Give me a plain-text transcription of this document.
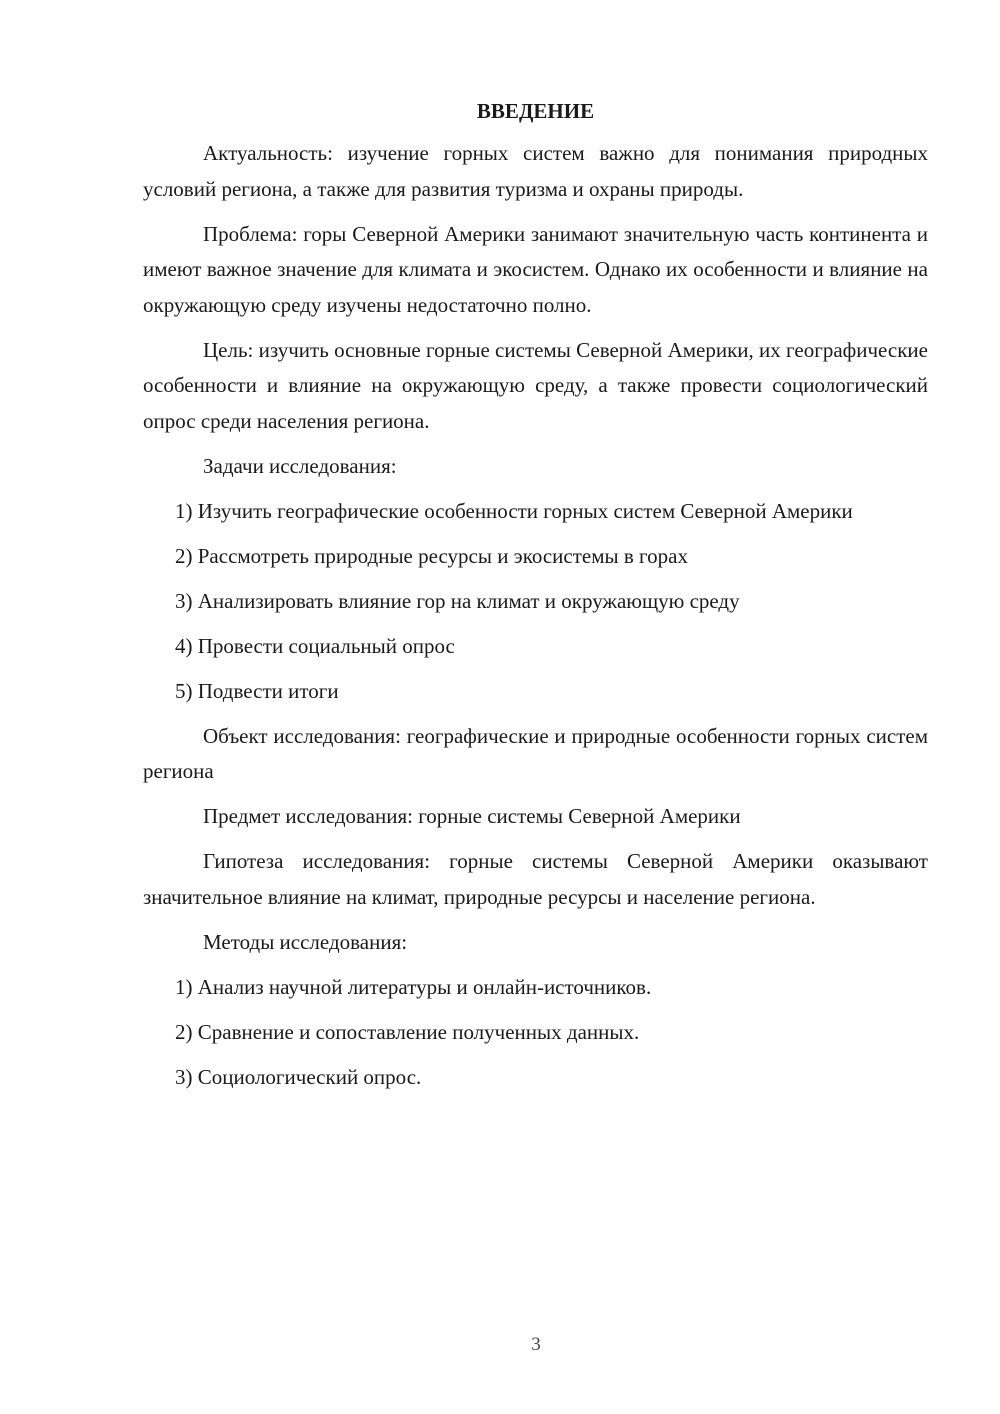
ВВЕДЕНИЕ

Актуальность: изучение горных систем важно для понимания природных условий региона, а также для развития туризма и охраны природы.

Проблема: горы Северной Америки занимают значительную часть континента и имеют важное значение для климата и экосистем. Однако их особенности и влияние на окружающую среду изучены недостаточно полно.

Цель: изучить основные горные системы Северной Америки, их географические особенности и влияние на окружающую среду, а также провести социологический опрос среди населения региона.

Задачи исследования:

1) Изучить географические особенности горных систем Северной Америки

2) Рассмотреть природные ресурсы и экосистемы в горах

3) Анализировать влияние гор на климат и окружающую среду

4) Провести социальный опрос

5) Подвести итоги

Объект исследования: географические и природные особенности горных систем региона

Предмет исследования: горные системы Северной Америки

Гипотеза исследования: горные системы Северной Америки оказывают значительное влияние на климат, природные ресурсы и население региона.

Методы исследования:

1) Анализ научной литературы и онлайн-источников.

2) Сравнение и сопоставление полученных данных.

3) Социологический опрос.

3
